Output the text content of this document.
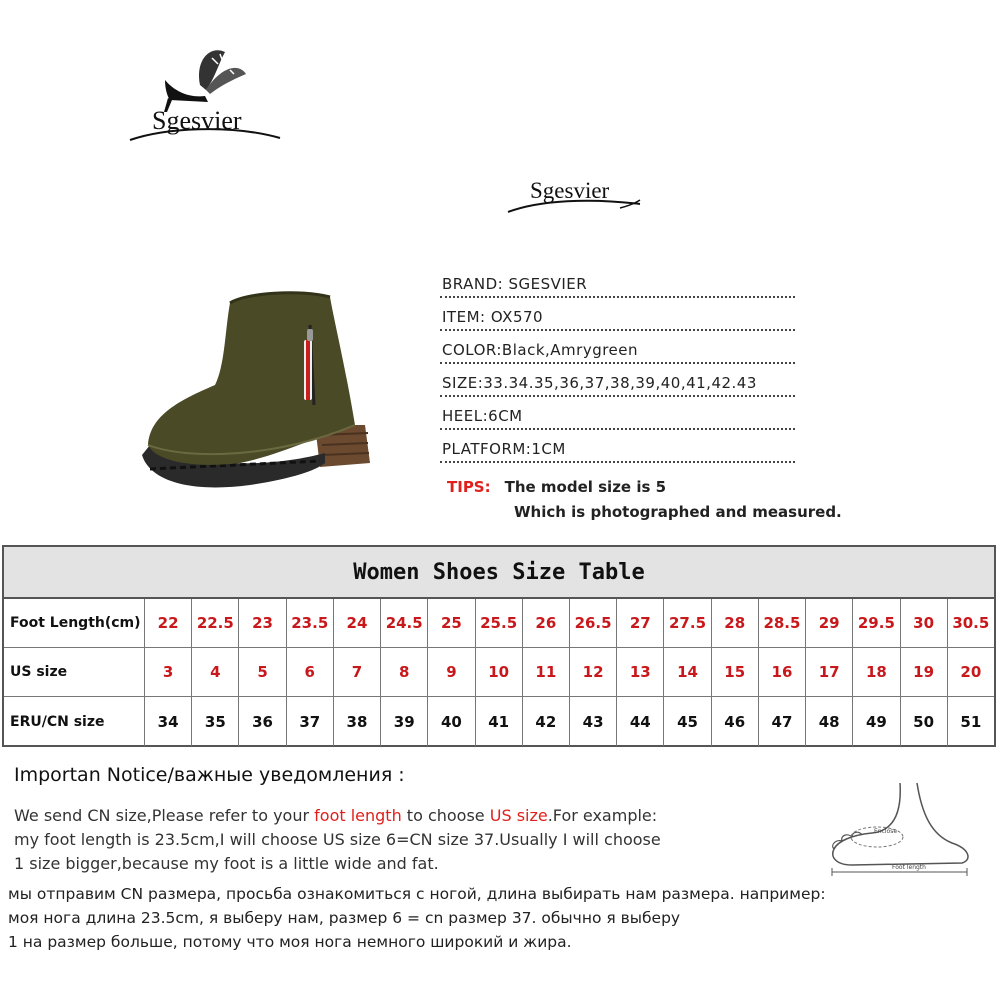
Sgesvier
Sgesvier
BRAND: SGESVIER
ITEM: OX570
COLOR:Black,Amrygreen
SIZE:33.34.35,36,37,38,39,40,41,42.43
HEEL:6CM
PLATFORM:1CM
TIPS: The model size is 5
Which is photographed and measured.
Women Shoes Size Table
Foot Length(cm)	22	22.5	23	23.5	24	24.5	25	25.5	26	26.5	27	27.5	28	28.5	29	29.5	30	30.5
US size	3	4	5	6	7	8	9	10	11	12	13	14	15	16	17	18	19	20
ERU/CN size	34	35	36	37	38	39	40	41	42	43	44	45	46	47	48	49	50	51
Importan Notice/важные уведомления :
We send CN size,Please refer to your foot length to choose US size.For example:
my foot length is 23.5cm,I will choose US size 6=CN size 37.Usually I will choose
1 size bigger,because my foot is a little wide and fat.
мы отправим CN размера, просьба ознакомиться с ногой, длина выбирать нам размера. например:
моя нога длина 23.5cm, я выберу нам, размер 6 = cn размер 37. обычно я выберу
1 на размер больше, потому что моя нога немного широкий и жира.
Enclose
Foot length
